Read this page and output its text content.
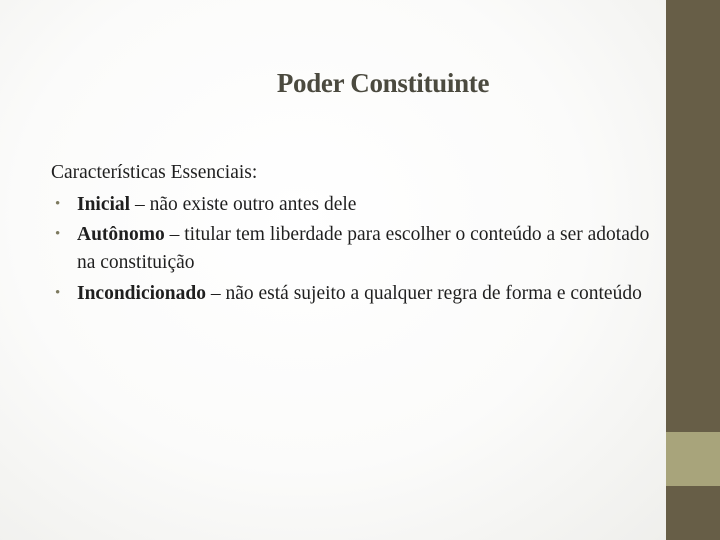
Poder Constituinte
Características Essenciais:
• Inicial – não existe outro antes dele
• Autônomo – titular tem liberdade para escolher o conteúdo a ser adotado na constituição
• Incondicionado – não está sujeito a qualquer regra de forma e conteúdo
